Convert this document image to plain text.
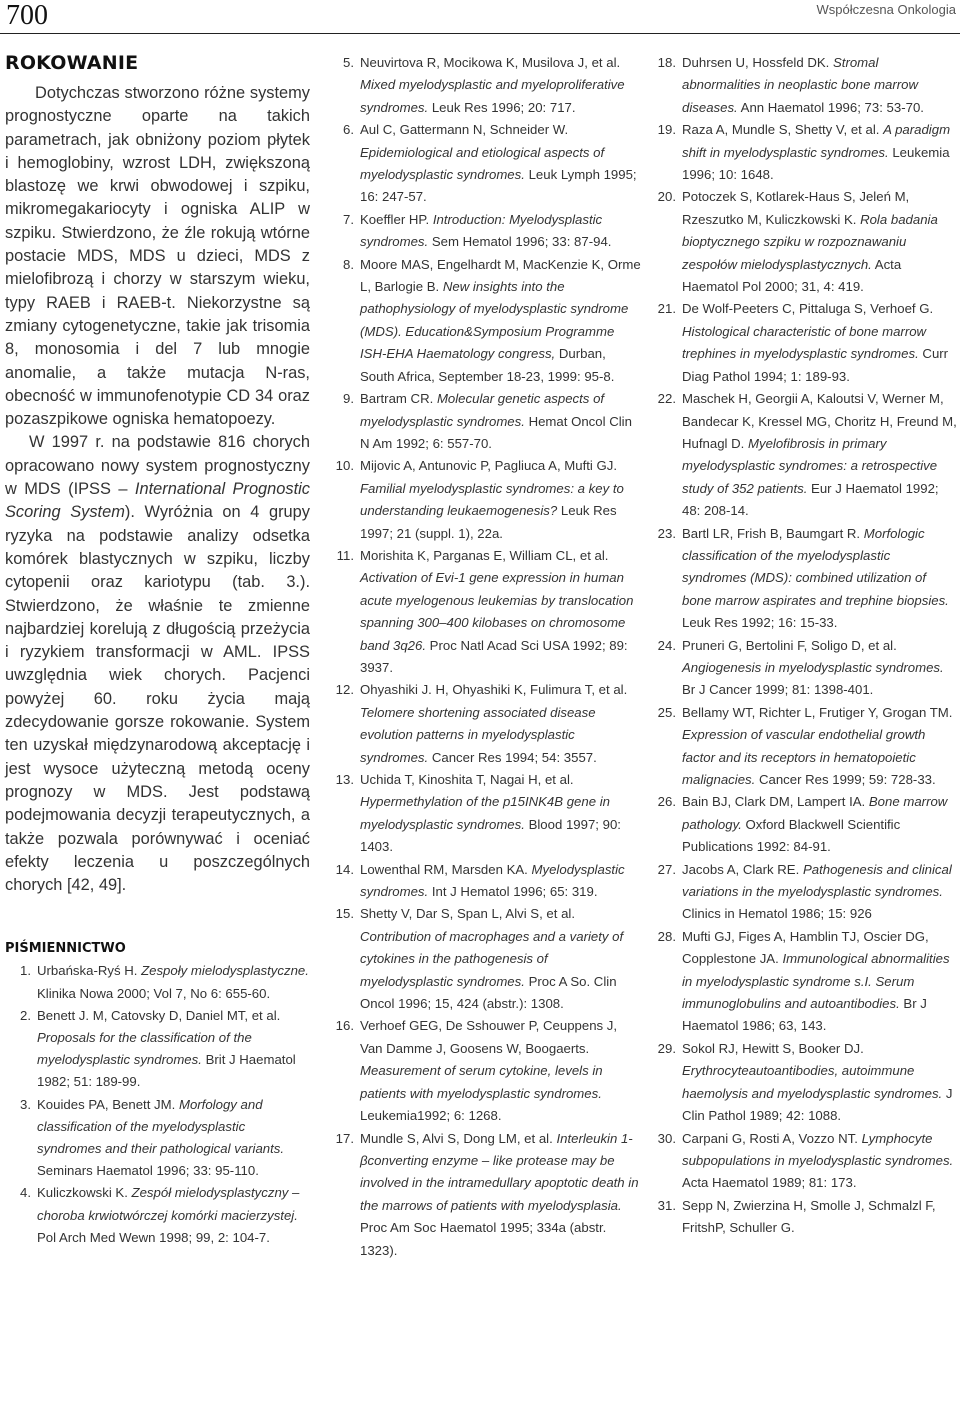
700	Współczesna Onkologia
ROKOWANIE

Dotychczas stworzono różne systemy prognostyczne oparte na takich parametrach, jak obniżony poziom płytek i hemoglobiny, wzrost LDH, zwiększoną blastozę we krwi obwodowej i szpiku, mikromegakariocyty i ogniska ALIP w szpiku. Stwierdzono, że źle rokują wtórne postacie MDS, MDS u dzieci, MDS z mielofibrozą i chorzy w starszym wieku, typy RAEB i RAEB-t. Niekorzystne są zmiany cytogenetyczne, takie jak trisomia 8, monosomia i del 7 lub mnogie anomalie, a także mutacja N-ras, obecność w immunofenotypie CD 34 oraz pozaszpikowe ogniska hematopoezy.

W 1997 r. na podstawie 816 chorych opracowano nowy system prognostyczny w MDS (IPSS – International Prognostic Scoring System). Wyróżnia on 4 grupy ryzyka na podstawie analizy odsetka komórek blastycznych w szpiku, liczby cytopenii oraz kariotypu (tab. 3.). Stwierdzono, że właśnie te zmienne najbardziej korelują z długością przeżycia i ryzykiem transformacji w AML. IPSS uwzględnia wiek chorych. Pacjenci powyżej 60. roku życia mają zdecydowanie gorsze rokowanie. System ten uzyskał międzynarodową akceptację i jest wysoce użyteczną metodą oceny prognozy w MDS. Jest podstawą podejmowania decyzji terapeutycznych, a także pozwala porównywać i oceniać efekty leczenia u poszczególnych chorych [42, 49].

PIŚMIENNICTWO
1. Urbańska-Ryś H. Zespoły mielodysplastyczne. Klinika Nowa 2000; Vol 7, No 6: 655-60.
2. Benett J. M, Catovsky D, Daniel MT, et al. Proposals for the classification of the myelodysplastic syndromes. Brit J Haematol 1982; 51: 189-99.
3. Kouides PA, Benett JM. Morfology and classification of the myelodysplastic syndromes and their pathological variants. Seminars Haematol 1996; 33: 95-110.
4. Kuliczkowski K. Zespół mielodysplastyczny – choroba krwiotwórczej komórki macierzystej. Pol Arch Med Wewn 1998; 99, 2: 104-7.
5. Neuvirtova R, Mocikowa K, Musilova J, et al. Mixed myelodysplastic and myeloproliferative syndromes. Leuk Res 1996; 20: 717.
6. Aul C, Gattermann N, Schneider W. Epidemiological and etiological aspects of myelodysplastic syndromes. Leuk Lymph 1995; 16: 247-57.
7. Koeffler HP. Introduction: Myelodysplastic syndromes. Sem Hematol 1996; 33: 87-94.
8. Moore MAS, Engelhardt M, MacKenzie K, Orme L, Barlogie B. New insights into the pathophysiology of myelodysplastic syndrome (MDS). Education&Symposium Programme ISH-EHA Haematology congress, Durban, South Africa, September 18-23, 1999: 95-8.
9. Bartram CR. Molecular genetic aspects of myelodysplastic syndromes. Hemat Oncol Clin N Am 1992; 6: 557-70.
10. Mijovic A, Antunovic P, Pagliuca A, Mufti GJ. Familial myelodysplastic syndromes: a key to understanding leukaemogenesis? Leuk Res 1997; 21 (suppl. 1), 22a.
11. Morishita K, Parganas E, William CL, et al. Activation of Evi-1 gene expression in human acute myelogenous leukemias by translocation spanning 300–400 kilobases on chromosome band 3q26. Proc Natl Acad Sci USA 1992; 89: 3937.
12. Ohyashiki J. H, Ohyashiki K, Fulimura T, et al. Telomere shortening associated disease evolution patterns in myelodysplastic syndromes. Cancer Res 1994; 54: 3557.
13. Uchida T, Kinoshita T, Nagai H, et al. Hypermethylation of the p15INK4B gene in myelodysplastic syndromes. Blood 1997; 90: 1403.
14. Lowenthal RM, Marsden KA. Myelodysplastic syndromes. Int J Hematol 1996; 65: 319.
15. Shetty V, Dar S, Span L, Alvi S, et al. Contribution of macrophages and a variety of cytokines in the pathogenesis of myelodysplastic syndromes. Proc A So. Clin Oncol 1996; 15, 424 (abstr.): 1308.
16. Verhoef GEG, De Sshouwer P, Ceuppens J, Van Damme J, Goosens W, Boogaerts. Measurement of serum cytokine, levels in patients with myelodysplastic syndromes. Leukemia1992; 6: 1268.
17. Mundle S, Alvi S, Dong LM, et al. Interleukin 1-βconverting enzyme – like protease may be involved in the intramedullary apoptotic death in the marrows of patients with myelodysplasia. Proc Am Soc Haematol 1995; 334a (abstr. 1323).
18. Duhrsen U, Hossfeld DK. Stromal abnormalities in neoplastic bone marrow diseases. Ann Haematol 1996; 73: 53-70.
19. Raza A, Mundle S, Shetty V, et al. A paradigm shift in myelodysplastic syndromes. Leukemia 1996; 10: 1648.
20. Potoczek S, Kotlarek-Haus S, Jeleń M, Rzeszutko M, Kuliczkowski K. Rola badania bioptycznego szpiku w rozpoznawaniu zespołów mielodysplastycznych. Acta Haematol Pol 2000; 31, 4: 419.
21. De Wolf-Peeters C, Pittaluga S, Verhoef G. Histological characteristic of bone marrow trephines in myelodysplastic syndromes. Curr Diag Pathol 1994; 1: 189-93.
22. Maschek H, Georgii A, Kaloutsi V, Werner M, Bandecar K, Kressel MG, Choritz H, Freund M, Hufnagl D. Myelofibrosis in primary myelodysplastic syndromes: a retrospective study of 352 patients. Eur J Haematol 1992; 48: 208-14.
23. Bartl LR, Frish B, Baumgart R. Morfologic classification of the myelodysplastic syndromes (MDS): combined utilization of bone marrow aspirates and trephine biopsies. Leuk Res 1992; 16: 15-33.
24. Pruneri G, Bertolini F, Soligo D, et al. Angiogenesis in myelodysplastic syndromes. Br J Cancer 1999; 81: 1398-401.
25. Bellamy WT, Richter L, Frutiger Y, Grogan TM. Expression of vascular endothelial growth factor and its receptors in hematopoietic malignacies. Cancer Res 1999; 59: 728-33.
26. Bain BJ, Clark DM, Lampert IA. Bone marrow pathology. Oxford Blackwell Scientific Publications 1992: 84-91.
27. Jacobs A, Clark RE. Pathogenesis and clinical variations in the myelodysplastic syndromes. Clinics in Hematol 1986; 15: 926
28. Mufti GJ, Figes A, Hamblin TJ, Oscier DG, Copplestone JA. Immunological abnormalities in myelodysplastic syndrome s.I. Serum immunoglobulins and autoantibodies. Br J Haematol 1986; 63, 143.
29. Sokol RJ, Hewitt S, Booker DJ. Erythrocyteautoantibodies, autoimmune haemolysis and myelodysplastic syndromes. J Clin Pathol 1989; 42: 1088.
30. Carpani G, Rosti A, Vozzo NT. Lymphocyte subpopulations in myelodysplastic syndromes. Acta Haematol 1989; 81: 173.
31. Sepp N, Zwierzina H, Smolle J, Schmalzl F, FritshP, Schuller G.
